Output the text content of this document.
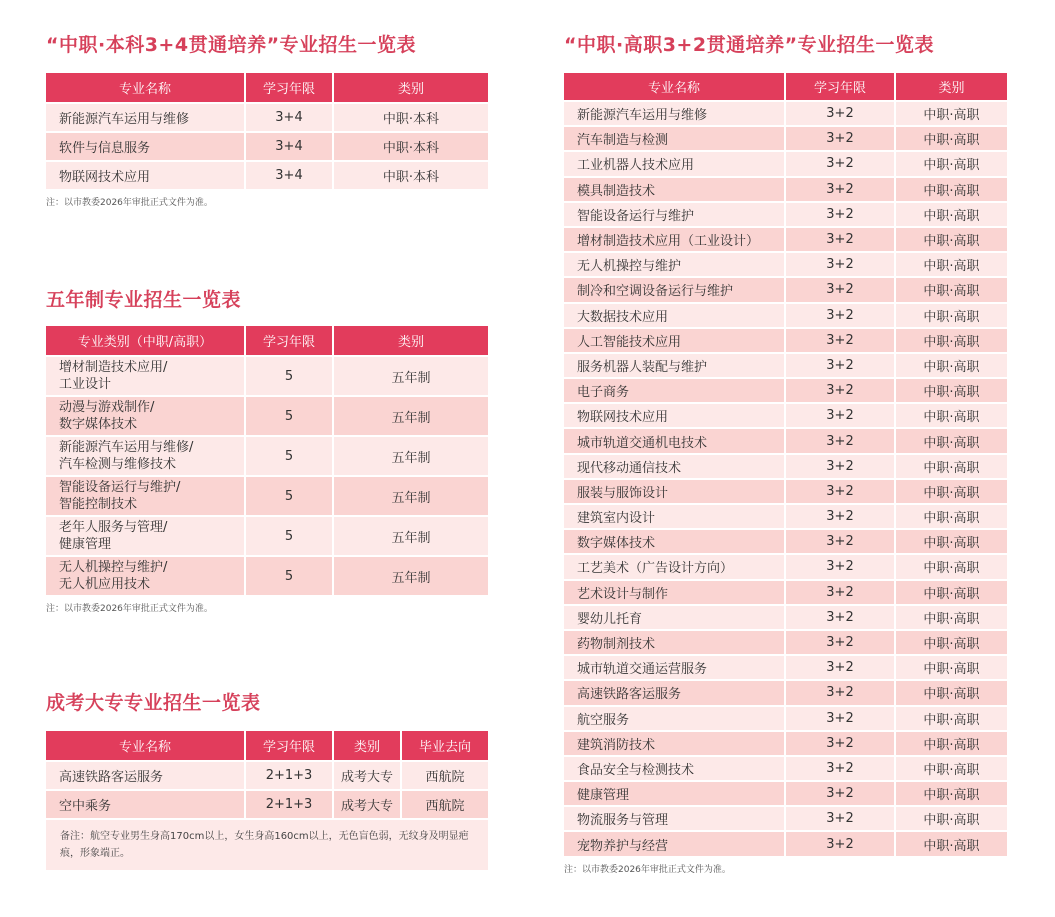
“中职·本科3+4贯通培养”专业招生一览表
专业名称	学习年限	类别
新能源汽车运用与维修	3+4	中职·本科
软件与信息服务	3+4	中职·本科
物联网技术应用	3+4	中职·本科
注：以市教委2026年审批正式文件为准。
五年制专业招生一览表
专业类别（中职/高职）	学习年限	类别

增材制造技术应用/
工业设计	5	五年制

动漫与游戏制作/
数字媒体技术	5	五年制

新能源汽车运用与维修/
汽车检测与维修技术	5	五年制

智能设备运行与维护/
智能控制技术	5	五年制

老年人服务与管理/
健康管理	5	五年制

无人机操控与维护/
无人机应用技术	5	五年制
注：以市教委2026年审批正式文件为准。
成考大专专业招生一览表
专业名称	学习年限	类别	毕业去向
高速铁路客运服务	2+1+3	成考大专	西航院
空中乘务	2+1+3	成考大专	西航院
备注：航空专业男生身高170cm以上，女生身高160cm以上，无色盲色弱，无纹身及明显疤痕，形象端正。
“中职·高职3+2贯通培养”专业招生一览表
专业名称	学习年限	类别
新能源汽车运用与维修	3+2	中职·高职
汽车制造与检测	3+2	中职·高职
工业机器人技术应用	3+2	中职·高职
模具制造技术	3+2	中职·高职
智能设备运行与维护	3+2	中职·高职
增材制造技术应用（工业设计）	3+2	中职·高职
无人机操控与维护	3+2	中职·高职
制冷和空调设备运行与维护	3+2	中职·高职
大数据技术应用	3+2	中职·高职
人工智能技术应用	3+2	中职·高职
服务机器人装配与维护	3+2	中职·高职
电子商务	3+2	中职·高职
物联网技术应用	3+2	中职·高职
城市轨道交通机电技术	3+2	中职·高职
现代移动通信技术	3+2	中职·高职
服装与服饰设计	3+2	中职·高职
建筑室内设计	3+2	中职·高职
数字媒体技术	3+2	中职·高职
工艺美术（广告设计方向）	3+2	中职·高职
艺术设计与制作	3+2	中职·高职
婴幼儿托育	3+2	中职·高职
药物制剂技术	3+2	中职·高职
城市轨道交通运营服务	3+2	中职·高职
高速铁路客运服务	3+2	中职·高职
航空服务	3+2	中职·高职
建筑消防技术	3+2	中职·高职
食品安全与检测技术	3+2	中职·高职
健康管理	3+2	中职·高职
物流服务与管理	3+2	中职·高职
宠物养护与经营	3+2	中职·高职
注：以市教委2026年审批正式文件为准。
